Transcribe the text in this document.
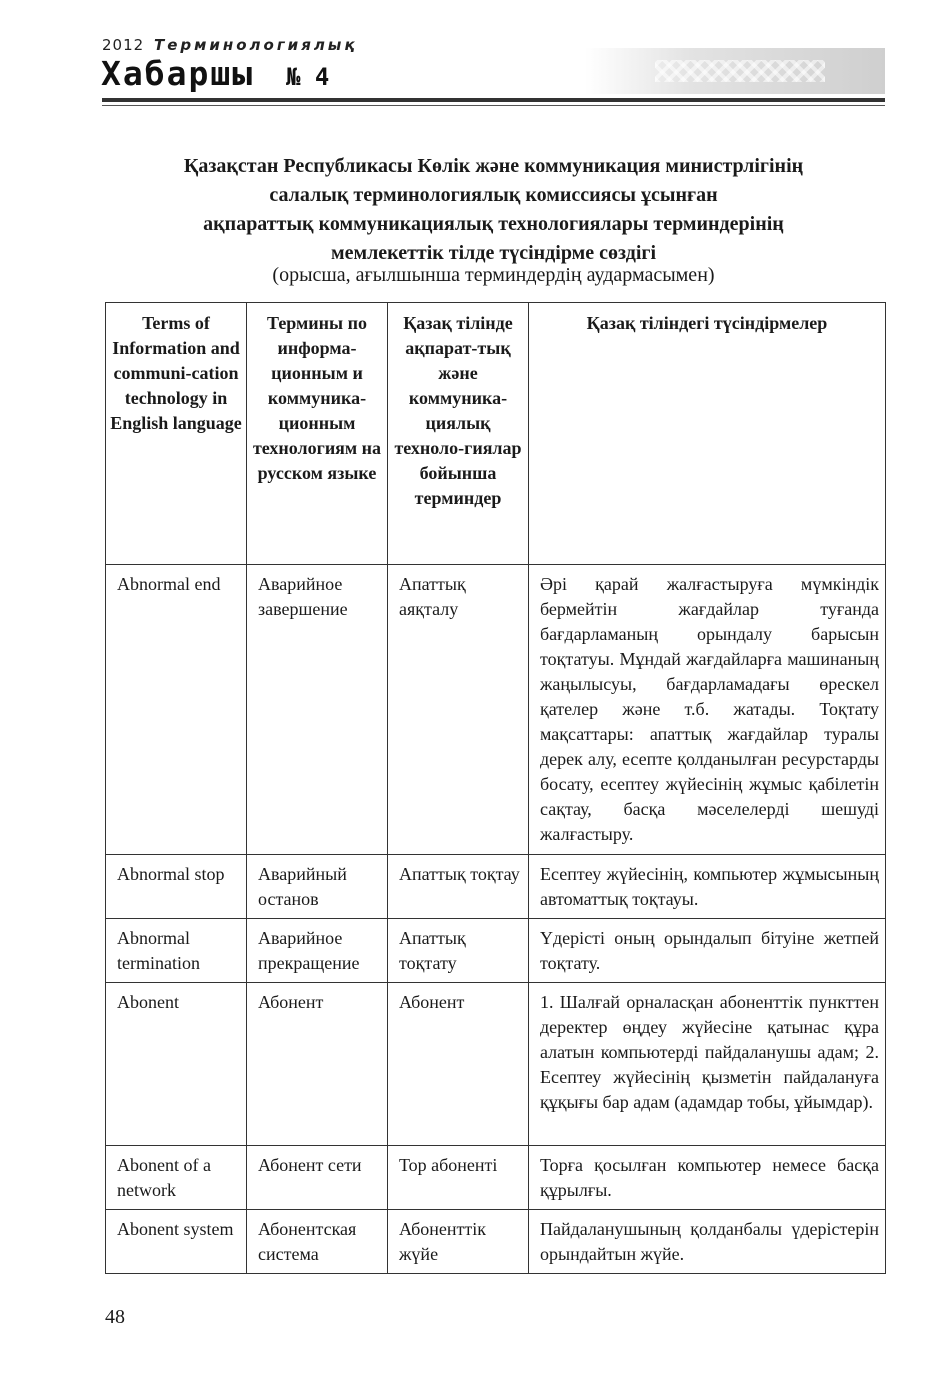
2012 Терминологиялық
Хабаршы № 4
Қазақстан Республикасы Көлік және коммуникация министрлігінің
салалық терминологиялық комиссиясы ұсынған
ақпараттық коммуникациялық технологиялары терминдерінің
мемлекеттік тілде түсіндірме сөздігі
(орысша, ағылшынша терминдердің аудармасымен)
Terms of Information and communi-cation technology in English language	Термины по информа-ционным и коммуника-ционным технологиям на русском языке	Қазақ тілінде ақпарат-тық және коммуника-циялық техноло-гиялар бойынша терминдер	Қазақ тіліндегі түсіндірмелер
Abnormal end	Аварийное завершение	Апаттық аяқталу	Әрі қарай жалғастыруға мүмкіндік бермейтін жағдайлар туғанда бағдарламаның орындалу барысын тоқтатуы. Мұндай жағдайларға машинаның жаңылысуы, бағдарламадағы өрескел қателер және т.б. жатады. Тоқтату мақсаттары: апаттық жағдайлар туралы дерек алу, есепте қолданылған ресурстарды босату, есептеу жүйесінің жұмыс қабілетін сақтау, басқа мәселелерді шешуді жалғастыру.
Abnormal stop	Аварийный останов	Апаттық тоқтау	Есептеу жүйесінің, компьютер жұмысының автоматтық тоқтауы.
Abnormal termination	Аварийное прекращение	Апаттық тоқтату	Үдерісті оның орындалып бітуіне жетпей тоқтату.
Abonent	Абонент	Абонент	1. Шалғай орналасқан абоненттік пункттен деректер өңдеу жүйесіне қатынас құра алатын компьютерді пайдаланушы адам; 2. Есептеу жүйесінің қызметін пайдалануға құқығы бар адам (адамдар тобы, ұйымдар).
Abonent of a network	Абонент сети	Тор абоненті	Торға қосылған компьютер немесе басқа құрылғы.
Abonent system	Абонентская система	Абоненттік жүйе	Пайдаланушының қолданбалы үдерістерін орындайтын жүйе.
48
